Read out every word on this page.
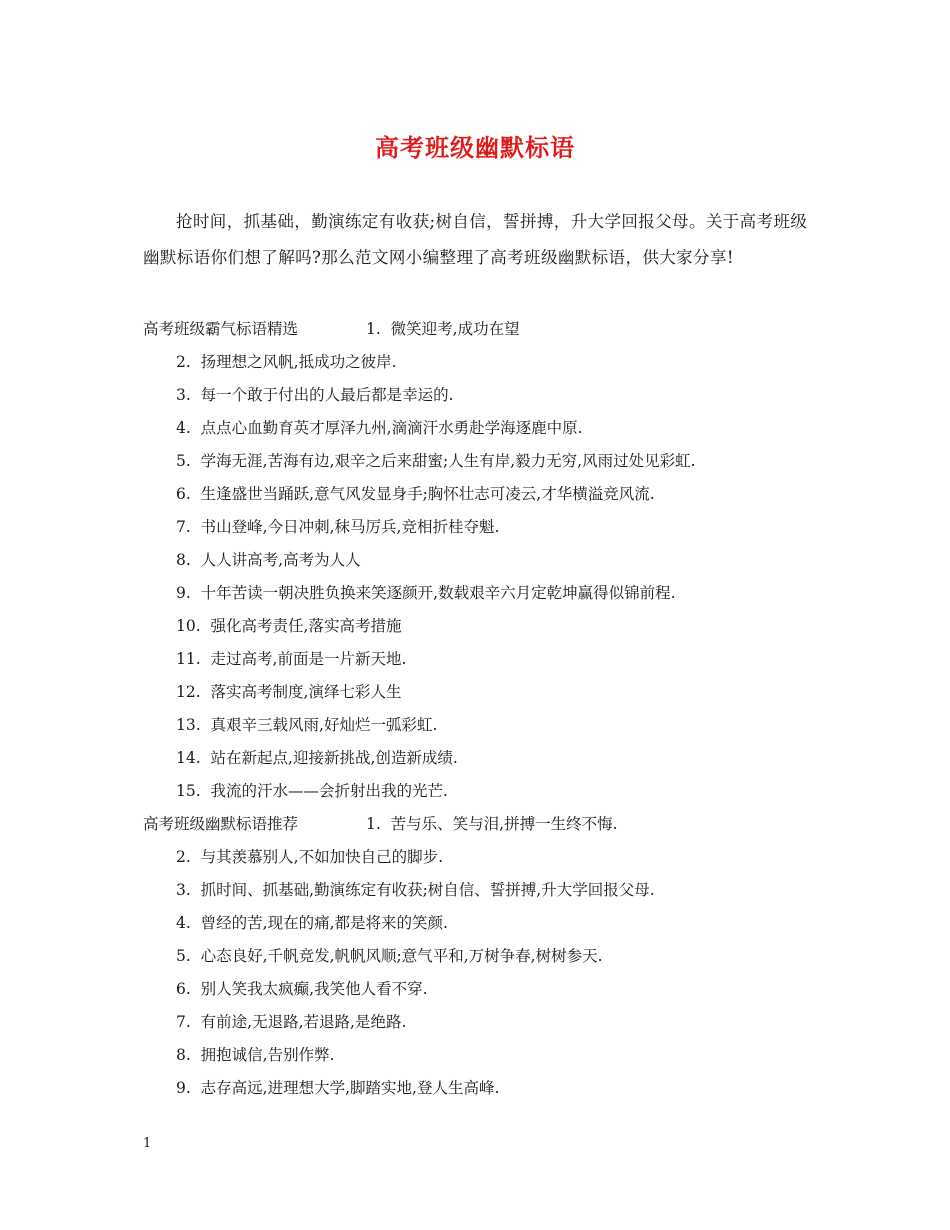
高考班级幽默标语
抢时间，抓基础，勤演练定有收获;树自信，誓拼搏，升大学回报父母。关于高考班级幽默标语你们想了解吗?那么范文网小编整理了高考班级幽默标语，供大家分享!
高考班级霸气标语精选	1. 微笑迎考,成功在望
2. 扬理想之风帆,抵成功之彼岸.
3. 每一个敢于付出的人最后都是幸运的.
4. 点点心血勤育英才厚泽九州,滴滴汗水勇赴学海逐鹿中原.
5. 学海无涯,苦海有边,艰辛之后来甜蜜;人生有岸,毅力无穷,风雨过处见彩虹.
6. 生逢盛世当踊跃,意气风发显身手;胸怀壮志可凌云,才华横溢竞风流.
7. 书山登峰,今日冲刺,秣马厉兵,竞相折桂夺魁.
8. 人人讲高考,高考为人人
9. 十年苦读一朝决胜负换来笑逐颜开,数载艰辛六月定乾坤赢得似锦前程.
10. 强化高考责任,落实高考措施
11. 走过高考,前面是一片新天地.
12. 落实高考制度,演绎七彩人生
13. 真艰辛三载风雨,好灿烂一弧彩虹.
14. 站在新起点,迎接新挑战,创造新成绩.
15. 我流的汗水——会折射出我的光芒.
高考班级幽默标语推荐	1. 苦与乐、笑与泪,拼搏一生终不悔.
2. 与其羡慕别人,不如加快自己的脚步.
3. 抓时间、抓基础,勤演练定有收获;树自信、誓拼搏,升大学回报父母.
4. 曾经的苦,现在的痛,都是将来的笑颜.
5. 心态良好,千帆竞发,帆帆风顺;意气平和,万树争春,树树参天.
6. 别人笑我太疯癫,我笑他人看不穿.
7. 有前途,无退路,若退路,是绝路.
8. 拥抱诚信,告别作弊.
9. 志存高远,进理想大学,脚踏实地,登人生高峰.
1
